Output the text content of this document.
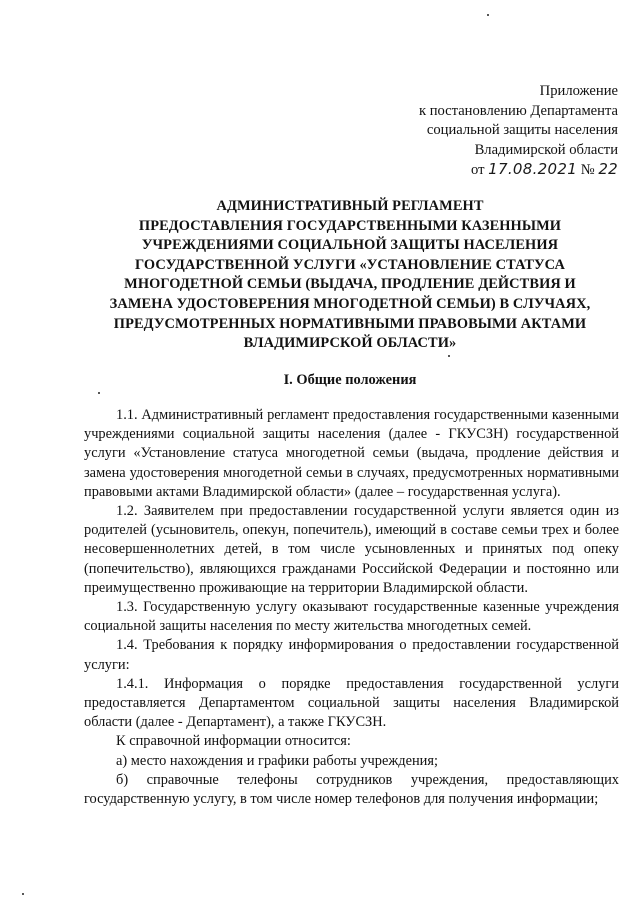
Приложение
к постановлению Департамента
социальной защиты населения
Владимирской области
от 17.08.2021 № 22
АДМИНИСТРАТИВНЫЙ РЕГЛАМЕНТ
ПРЕДОСТАВЛЕНИЯ ГОСУДАРСТВЕННЫМИ КАЗЕННЫМИ
УЧРЕЖДЕНИЯМИ СОЦИАЛЬНОЙ ЗАЩИТЫ НАСЕЛЕНИЯ
ГОСУДАРСТВЕННОЙ УСЛУГИ «УСТАНОВЛЕНИЕ СТАТУСА
МНОГОДЕТНОЙ СЕМЬИ (ВЫДАЧА, ПРОДЛЕНИЕ ДЕЙСТВИЯ И
ЗАМЕНА УДОСТОВЕРЕНИЯ МНОГОДЕТНОЙ СЕМЬИ) В СЛУЧАЯХ,
ПРЕДУСМОТРЕННЫХ НОРМАТИВНЫМИ ПРАВОВЫМИ АКТАМИ
ВЛАДИМИРСКОЙ ОБЛАСТИ»
I. Общие положения

1.1. Административный регламент предоставления государственными казенными учреждениями социальной защиты населения (далее - ГКУСЗН) государственной услуги «Установление статуса многодетной семьи (выдача, продление действия и замена удостоверения многодетной семьи в случаях, предусмотренных нормативными правовыми актами Владимирской области» (далее – государственная услуга).

1.2. Заявителем при предоставлении государственной услуги является один из родителей (усыновитель, опекун, попечитель), имеющий в составе семьи трех и более несовершеннолетних детей, в том числе усыновленных и принятых под опеку (попечительство), являющихся гражданами Российской Федерации и постоянно или преимущественно проживающие на территории Владимирской области.

1.3. Государственную услугу оказывают государственные казенные учреждения социальной защиты населения по месту жительства многодетных семей.

1.4. Требования к порядку информирования о предоставлении государственной услуги:

1.4.1. Информация о порядке предоставления государственной услуги предоставляется Департаментом социальной защиты населения Владимирской области (далее - Департамент), а также ГКУСЗН.

К справочной информации относится:

а) место нахождения и графики работы учреждения;

б) справочные телефоны сотрудников учреждения, предоставляющих государственную услугу, в том числе номер телефонов для получения информации;
